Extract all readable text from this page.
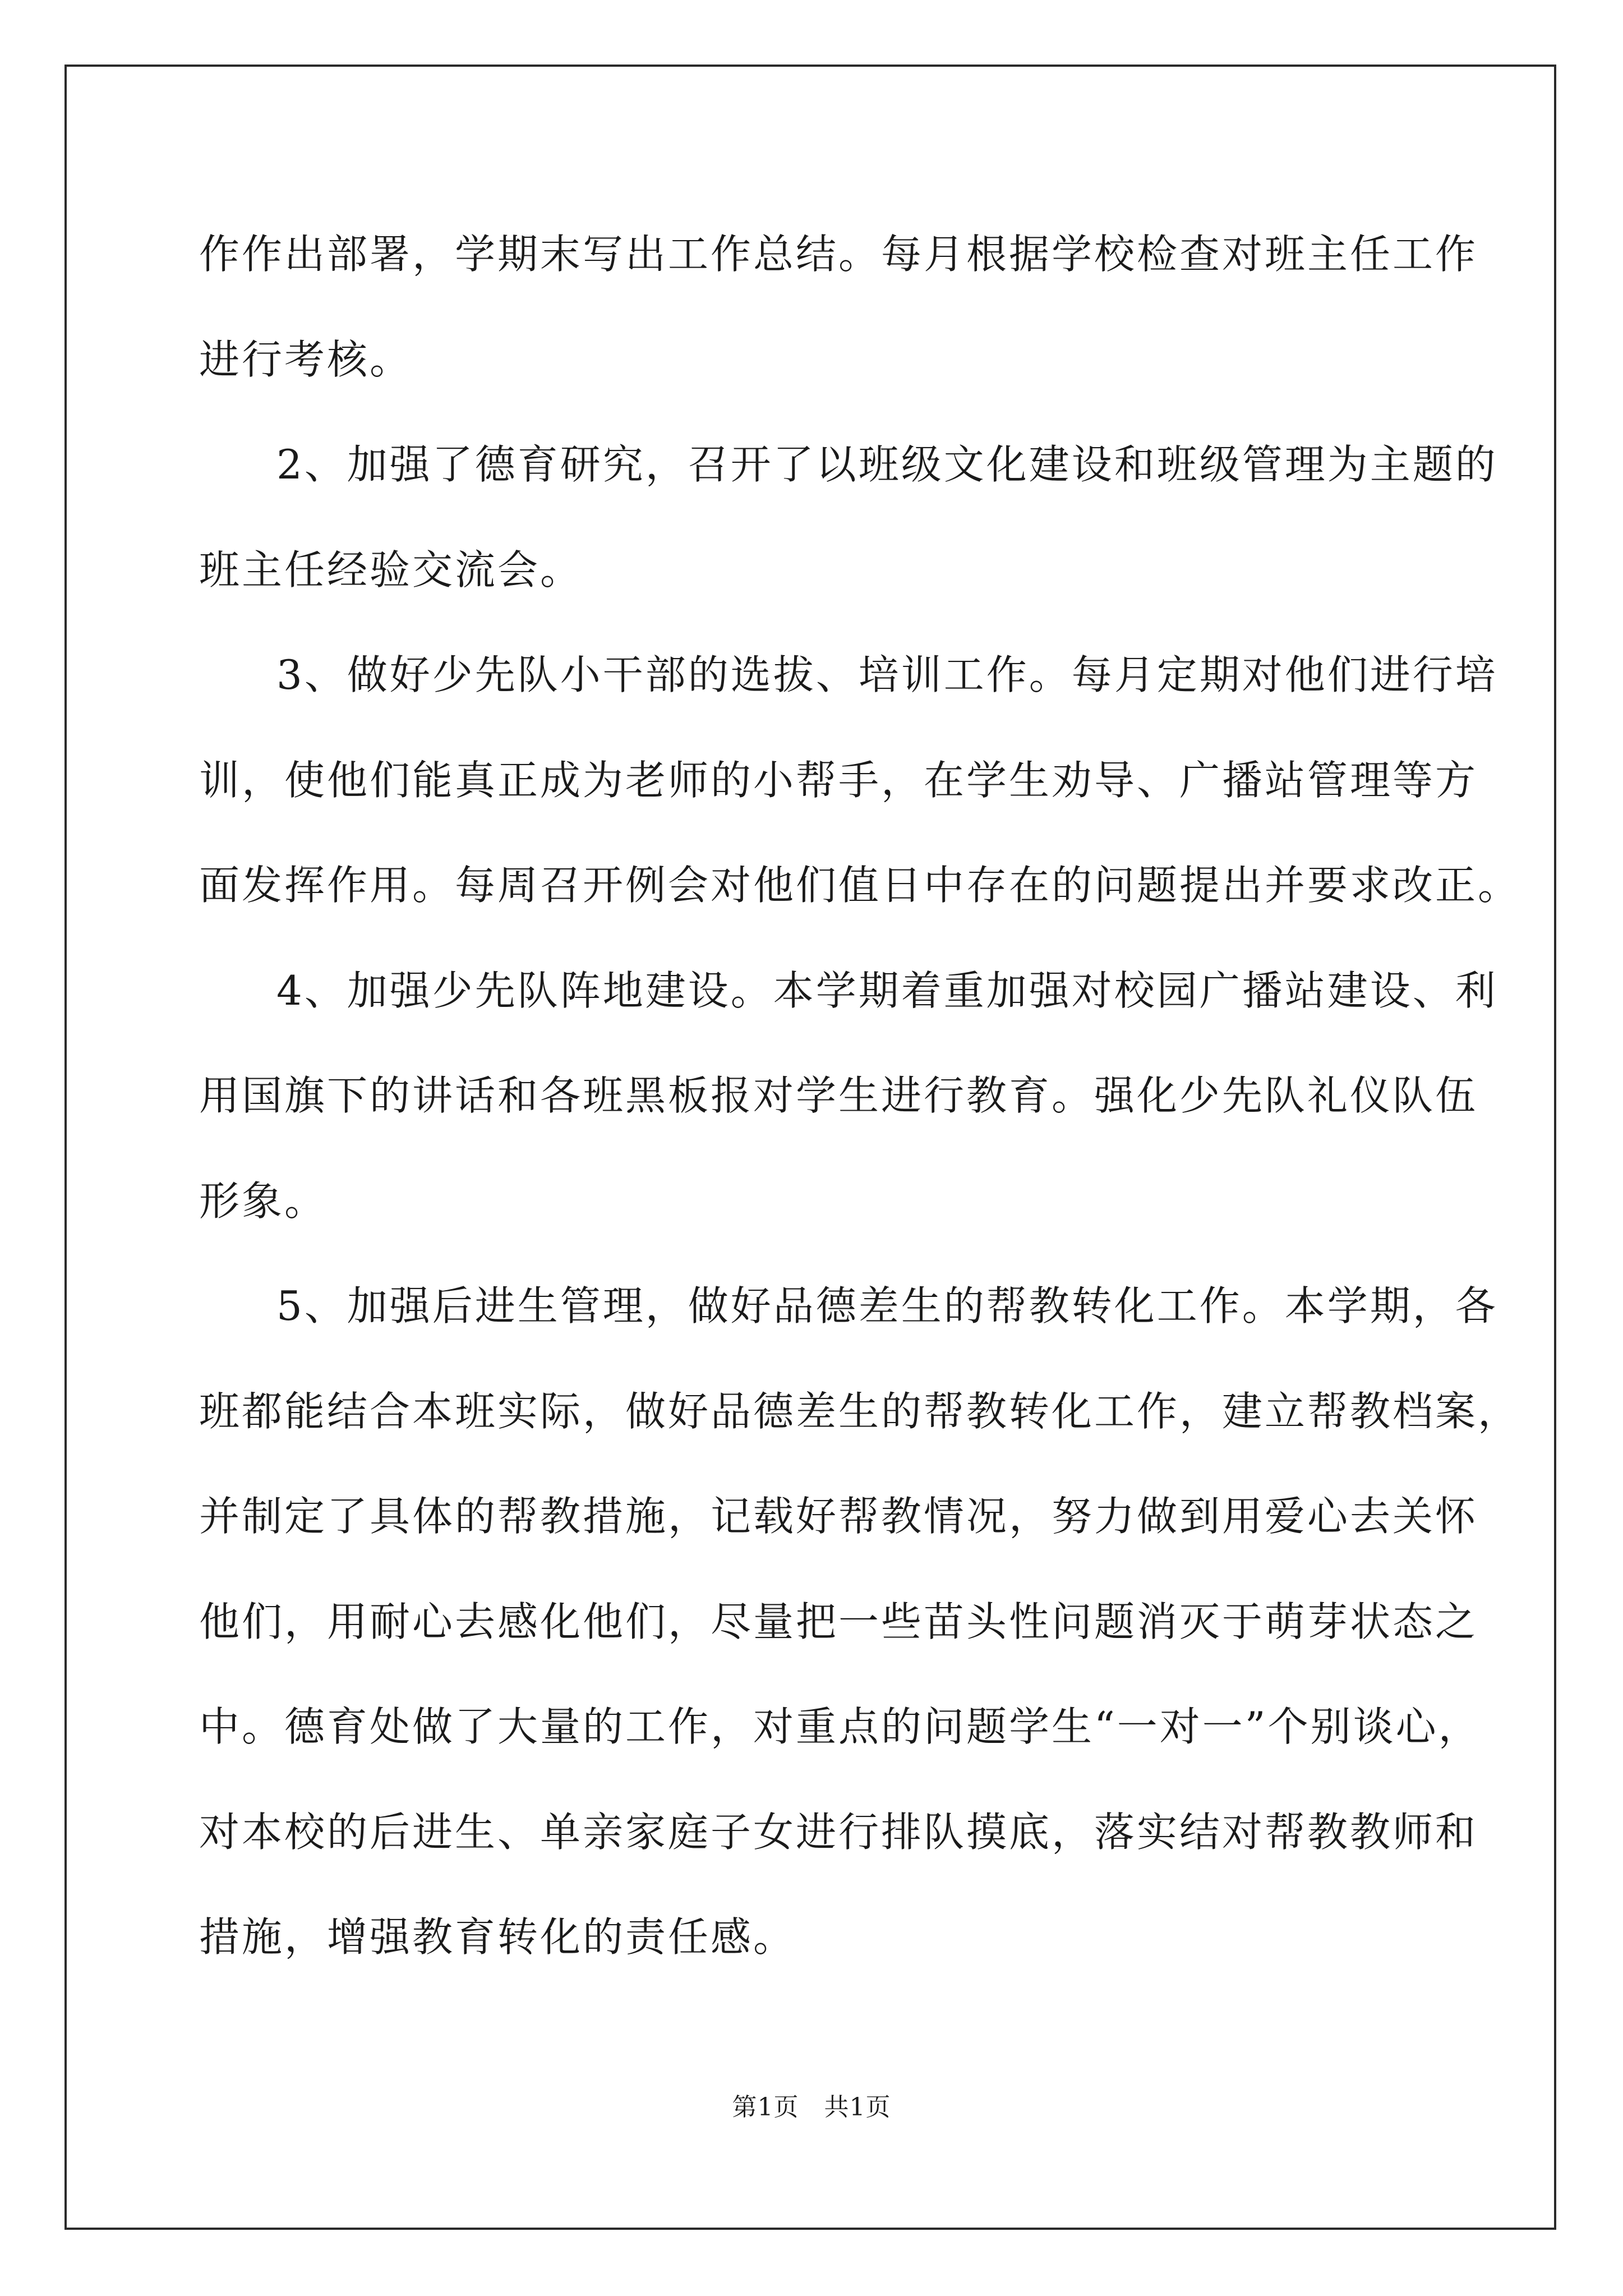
作作出部署，学期末写出工作总结。每月根据学校检查对班主任工作
进行考核。

2、加强了德育研究，召开了以班级文化建设和班级管理为主题的
班主任经验交流会。

3、做好少先队小干部的选拔、培训工作。每月定期对他们进行培
训，使他们能真正成为老师的小帮手，在学生劝导、广播站管理等方
面发挥作用。每周召开例会对他们值日中存在的问题提出并要求改正。

4、加强少先队阵地建设。本学期着重加强对校园广播站建设、利
用国旗下的讲话和各班黑板报对学生进行教育。强化少先队礼仪队伍
形象。

5、加强后进生管理，做好品德差生的帮教转化工作。本学期，各
班都能结合本班实际，做好品德差生的帮教转化工作，建立帮教档案，
并制定了具体的帮教措施，记载好帮教情况，努力做到用爱心去关怀
他们，用耐心去感化他们，尽量把一些苗头性问题消灭于萌芽状态之
中。德育处做了大量的工作，对重点的问题学生“一对一”个别谈心，
对本校的后进生、单亲家庭子女进行排队摸底，落实结对帮教教师和
措施，增强教育转化的责任感。

第1页　共1页
